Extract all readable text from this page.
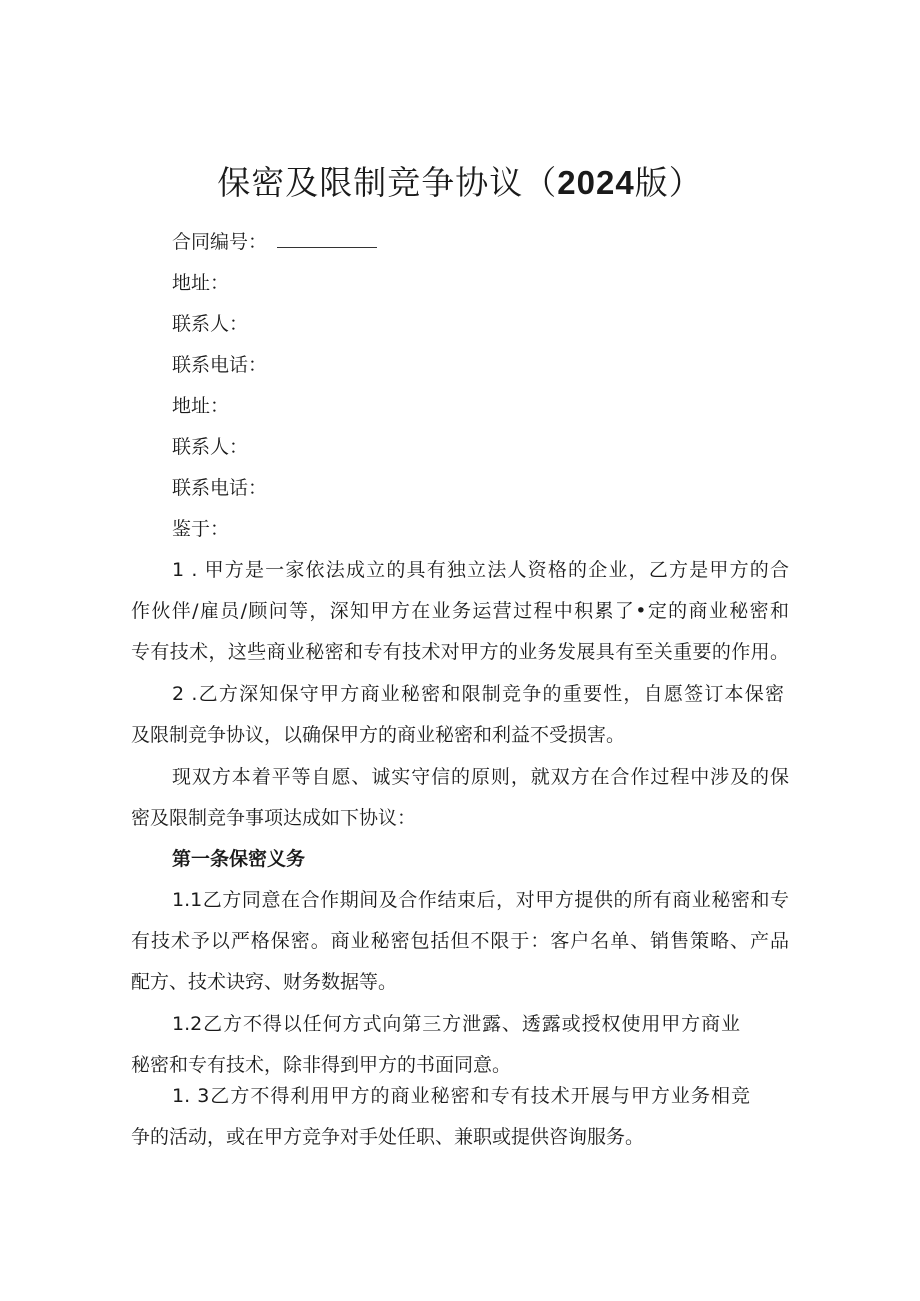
保密及限制竞争协议（2024版）
合同编号：
地址：
联系人：
联系电话：
地址：
联系人：
联系电话：
鉴于：
1 . 甲方是一家依法成立的具有独立法人资格的企业，乙方是甲方的合
作伙伴/雇员/顾问等，深知甲方在业务运营过程中积累了•定的商业秘密和
专有技术，这些商业秘密和专有技术对甲方的业务发展具有至关重要的作用。
2 .乙方深知保守甲方商业秘密和限制竞争的重要性，自愿签订本保密
及限制竞争协议，以确保甲方的商业秘密和利益不受损害。
现双方本着平等自愿、诚实守信的原则，就双方在合作过程中涉及的保
密及限制竞争事项达成如下协议：
第一条保密义务
1.1乙方同意在合作期间及合作结束后，对甲方提供的所有商业秘密和专
有技术予以严格保密。商业秘密包括但不限于：客户名单、销售策略、产品
配方、技术诀窍、财务数据等。
1.2乙方不得以任何方式向第三方泄露、透露或授权使用甲方商业
秘密和专有技术，除非得到甲方的书面同意。
1. 3乙方不得利用甲方的商业秘密和专有技术开展与甲方业务相竞
争的活动，或在甲方竞争对手处任职、兼职或提供咨询服务。
